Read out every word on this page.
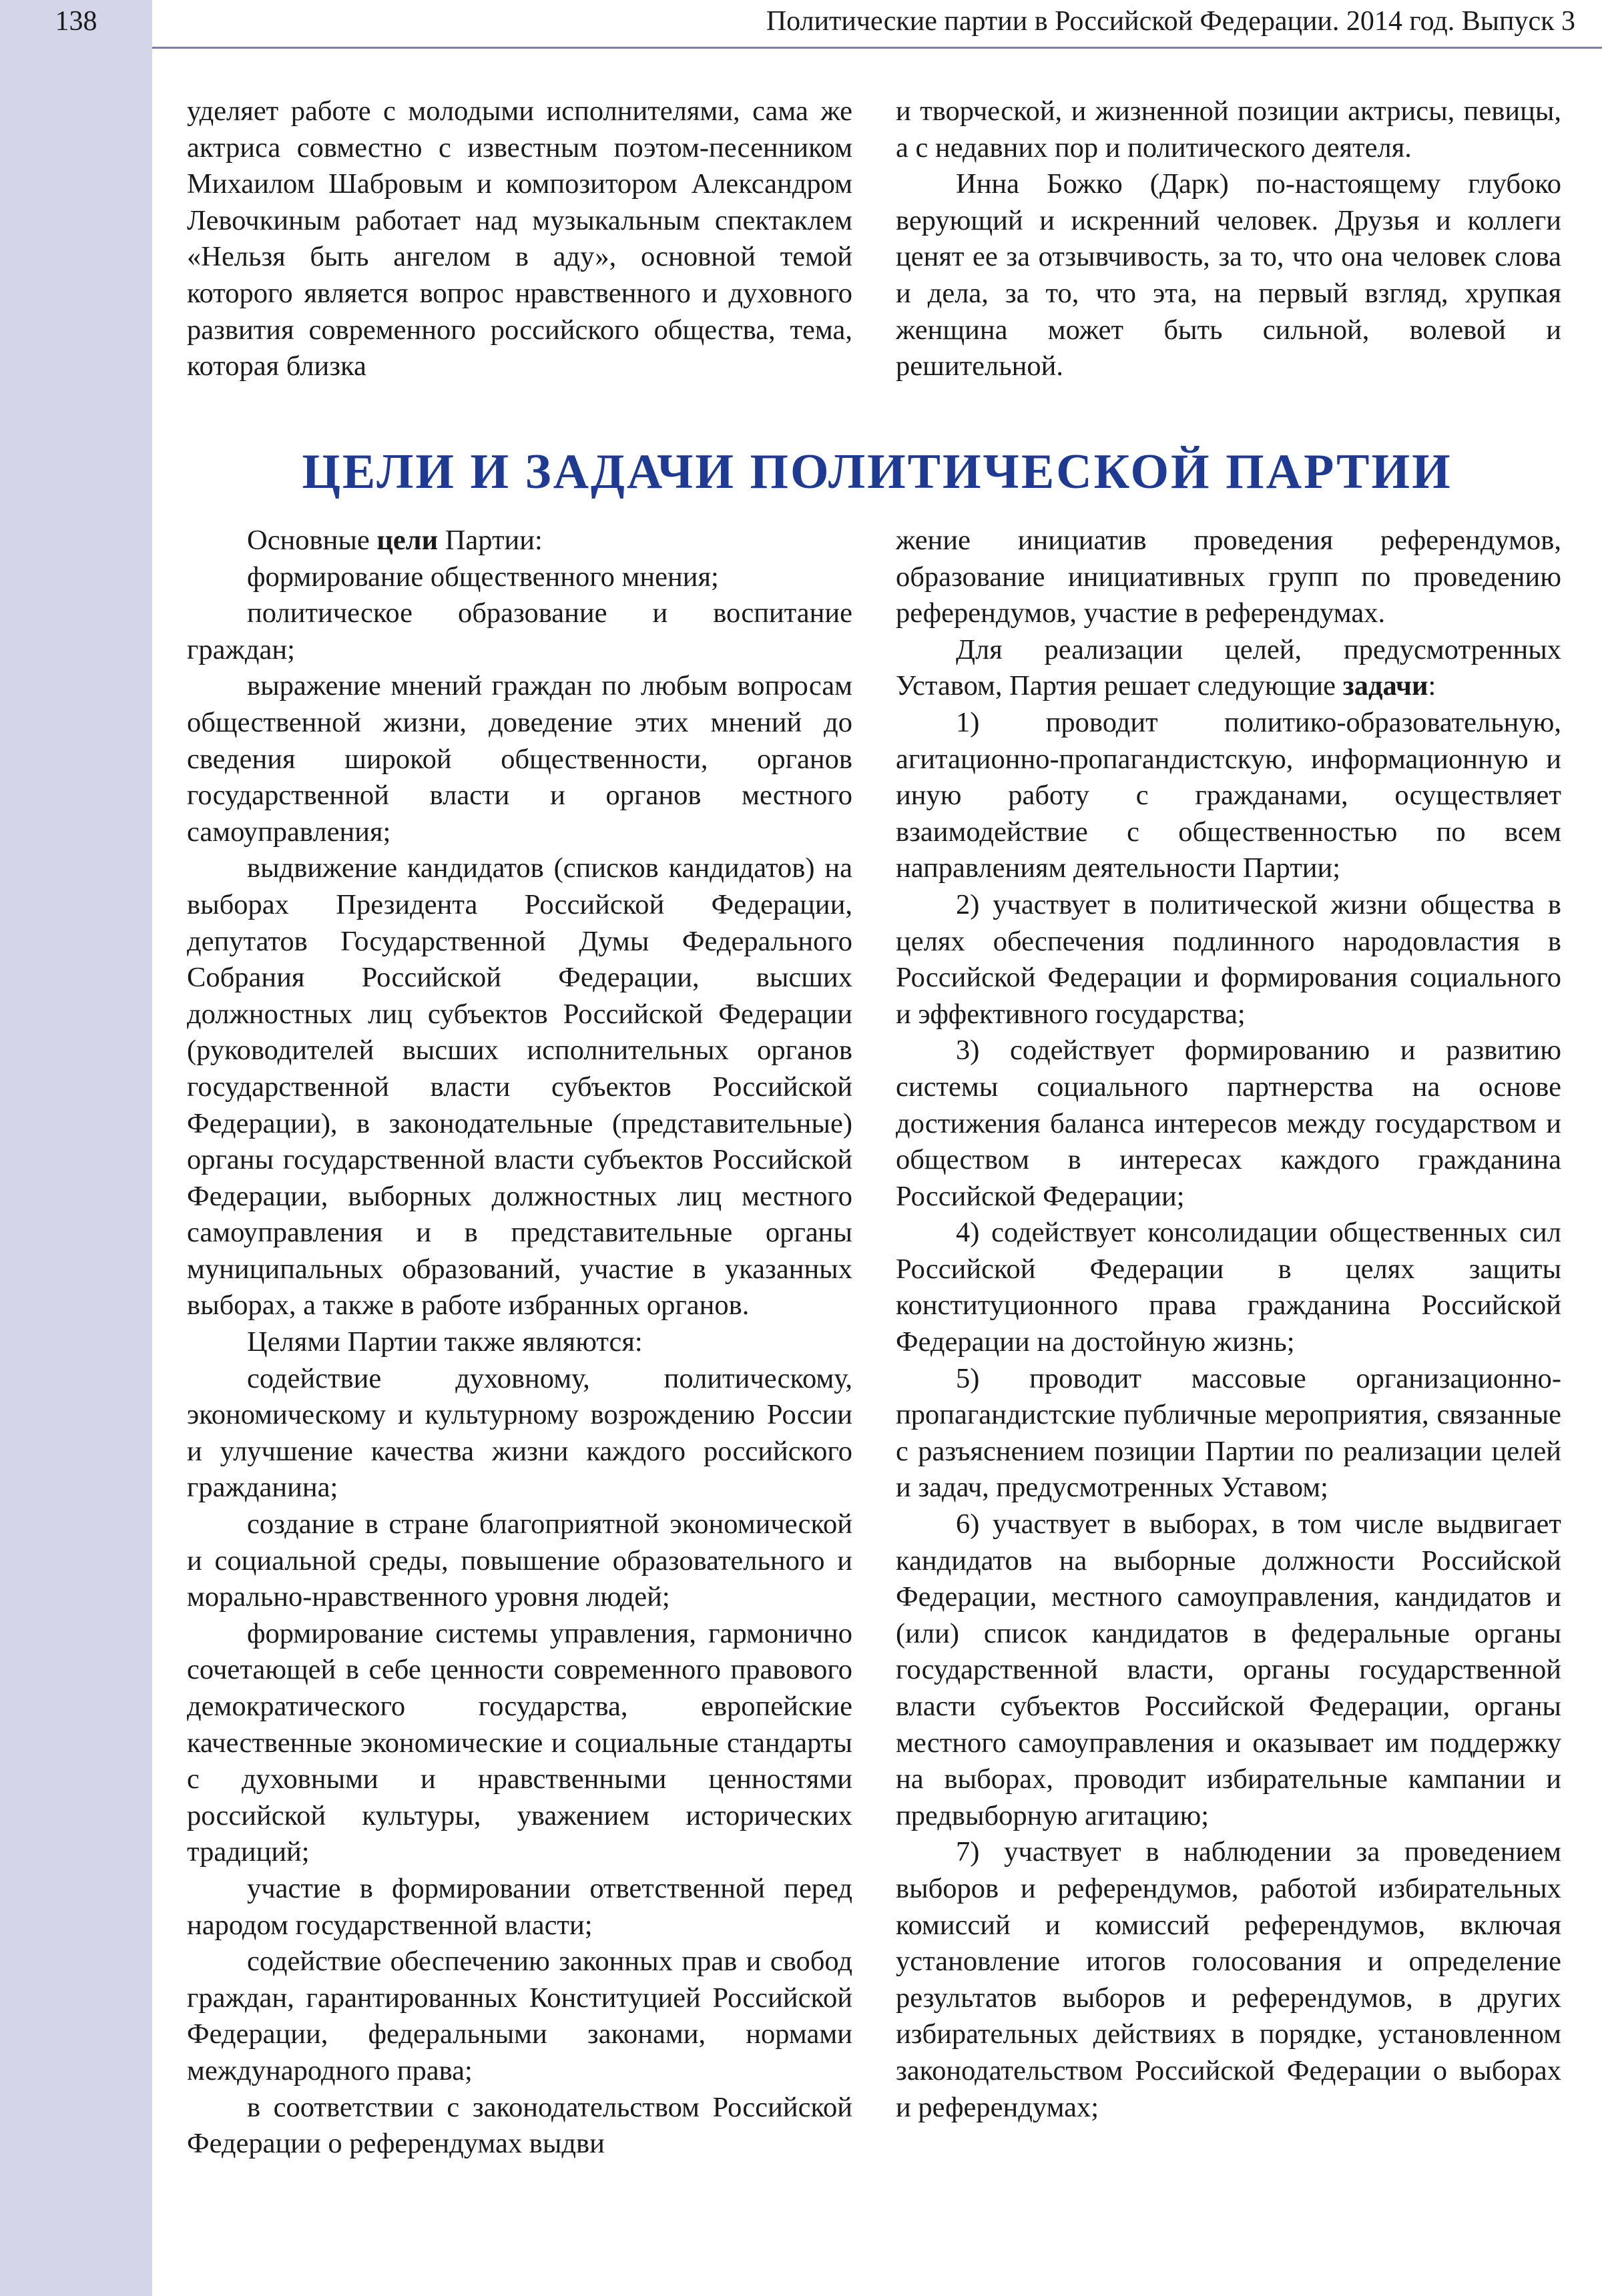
138	Политические партии в Российской Федерации. 2014 год. Выпуск 3

уделяет работе с молодыми исполнителями, сама же актриса совместно с известным поэтом-песенником Михаилом Шабровым и композитором Александром Левочкиным работает над музыкальным спектаклем «Нельзя быть ангелом в аду», основной темой которого является вопрос нравственного и духовного развития современного российского общества, тема, которая близка

и творческой, и жизненной позиции актрисы, певицы, а с недавних пор и политического деятеля.

Инна Божко (Дарк) по-настоящему глубоко верующий и искренний человек. Друзья и коллеги ценят ее за отзывчивость, за то, что она человек слова и дела, за то, что эта, на первый взгляд, хрупкая женщина может быть сильной, волевой и решительной.

ЦЕЛИ И ЗАДАЧИ ПОЛИТИЧЕСКОЙ ПАРТИИ

Основные цели Партии:

формирование общественного мнения;

политическое образование и воспитание граждан;

выражение мнений граждан по любым вопросам общественной жизни, доведение этих мнений до сведения широкой общественности, органов государственной власти и органов местного самоуправления;

выдвижение кандидатов (списков кандидатов) на выборах Президента Российской Федерации, депутатов Государственной Думы Федерального Собрания Российской Федерации, высших должностных лиц субъектов Российской Федерации (руководителей высших исполнительных органов государственной власти субъектов Российской Федерации), в законодательные (представительные) органы государственной власти субъектов Российской Федерации, выборных должностных лиц местного самоуправления и в представительные органы муниципальных образований, участие в указанных выборах, а также в работе избранных органов.

Целями Партии также являются:

содействие духовному, политическому, экономическому и культурному возрождению России и улучшение качества жизни каждого российского гражданина;

создание в стране благоприятной экономической и социальной среды, повышение образовательного и морально-нравственного уровня людей;

формирование системы управления, гармонично сочетающей в себе ценности современного правового демократического государства, европейские качественные экономические и социальные стандарты с духовными и нравственными ценностями российской культуры, уважением исторических традиций;

участие в формировании ответственной перед народом государственной власти;

содействие обеспечению законных прав и свобод граждан, гарантированных Конституцией Российской Федерации, федеральными законами, нормами международного права;

в соответствии с законодательством Российской Федерации о референдумах выдви

жение инициатив проведения референдумов, образование инициативных групп по проведению референдумов, участие в референдумах.

Для реализации целей, предусмотренных Уставом, Партия решает следующие задачи:

1) проводит политико-образовательную, агитационно-пропагандистскую, информационную и иную работу с гражданами, осуществляет взаимодействие с общественностью по всем направлениям деятельности Партии;

2) участвует в политической жизни общества в целях обеспечения подлинного народовластия в Российской Федерации и формирования социального и эффективного государства;

3) содействует формированию и развитию системы социального партнерства на основе достижения баланса интересов между государством и обществом в интересах каждого гражданина Российской Федерации;

4) содействует консолидации общественных сил Российской Федерации в целях защиты конституционного права гражданина Российской Федерации на достойную жизнь;

5) проводит массовые организационно-пропагандистские публичные мероприятия, связанные с разъяснением позиции Партии по реализации целей и задач, предусмотренных Уставом;

6) участвует в выборах, в том числе выдвигает кандидатов на выборные должности Российской Федерации, местного самоуправления, кандидатов и (или) список кандидатов в федеральные органы государственной власти, органы государственной власти субъектов Российской Федерации, органы местного самоуправления и оказывает им поддержку на выборах, проводит избирательные кампании и предвыборную агитацию;

7) участвует в наблюдении за проведением выборов и референдумов, работой избирательных комиссий и комиссий референдумов, включая установление итогов голосования и определение результатов выборов и референдумов, в других избирательных действиях в порядке, установленном законодательством Российской Федерации о выборах и референдумах;
